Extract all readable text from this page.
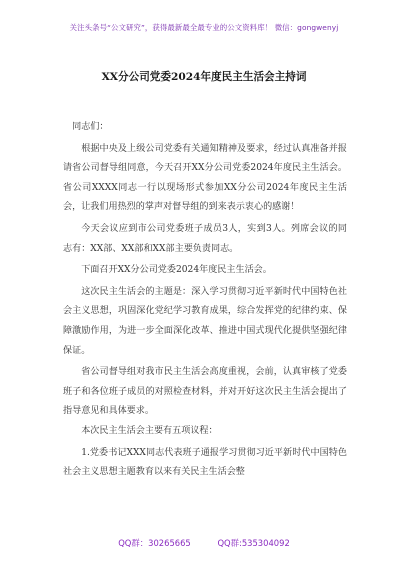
关注头条号“公文研究”，获得最新最全最专业的公文资料库！ 微信：gongwenyj
XX分公司党委2024年度民主生活会主持词

同志们：

根据中央及上级公司党委有关通知精神及要求，经过认真准备并报请省公司督导组同意，今天召开XX分公司党委2024年度民主生活会。省公司XXXX同志一行以现场形式参加XX分公司2024年度民主生活会，让我们用热烈的掌声对督导组的到来表示衷心的感谢！

今天会议应到市公司党委班子成员3人，实到3人。列席会议的同志有：XX部、XX部和XX部主要负责同志。

下面召开XX分公司党委2024年度民主生活会。

这次民主生活会的主题是：深入学习贯彻习近平新时代中国特色社会主义思想，巩固深化党纪学习教育成果，综合发挥党的纪律约束、保障激励作用，为进一步全面深化改革、推进中国式现代化提供坚强纪律保证。

省公司督导组对我市民主生活会高度重视，会前，认真审核了党委班子和各位班子成员的对照检查材料，并对开好这次民主生活会提出了指导意见和具体要求。

本次民主生活会主要有五项议程：

1.党委书记XXX同志代表班子通报学习贯彻习近平新时代中国特色社会主义思想主题教育以来有关民主生活会整

QQ群：30265665	QQ群:535304092
